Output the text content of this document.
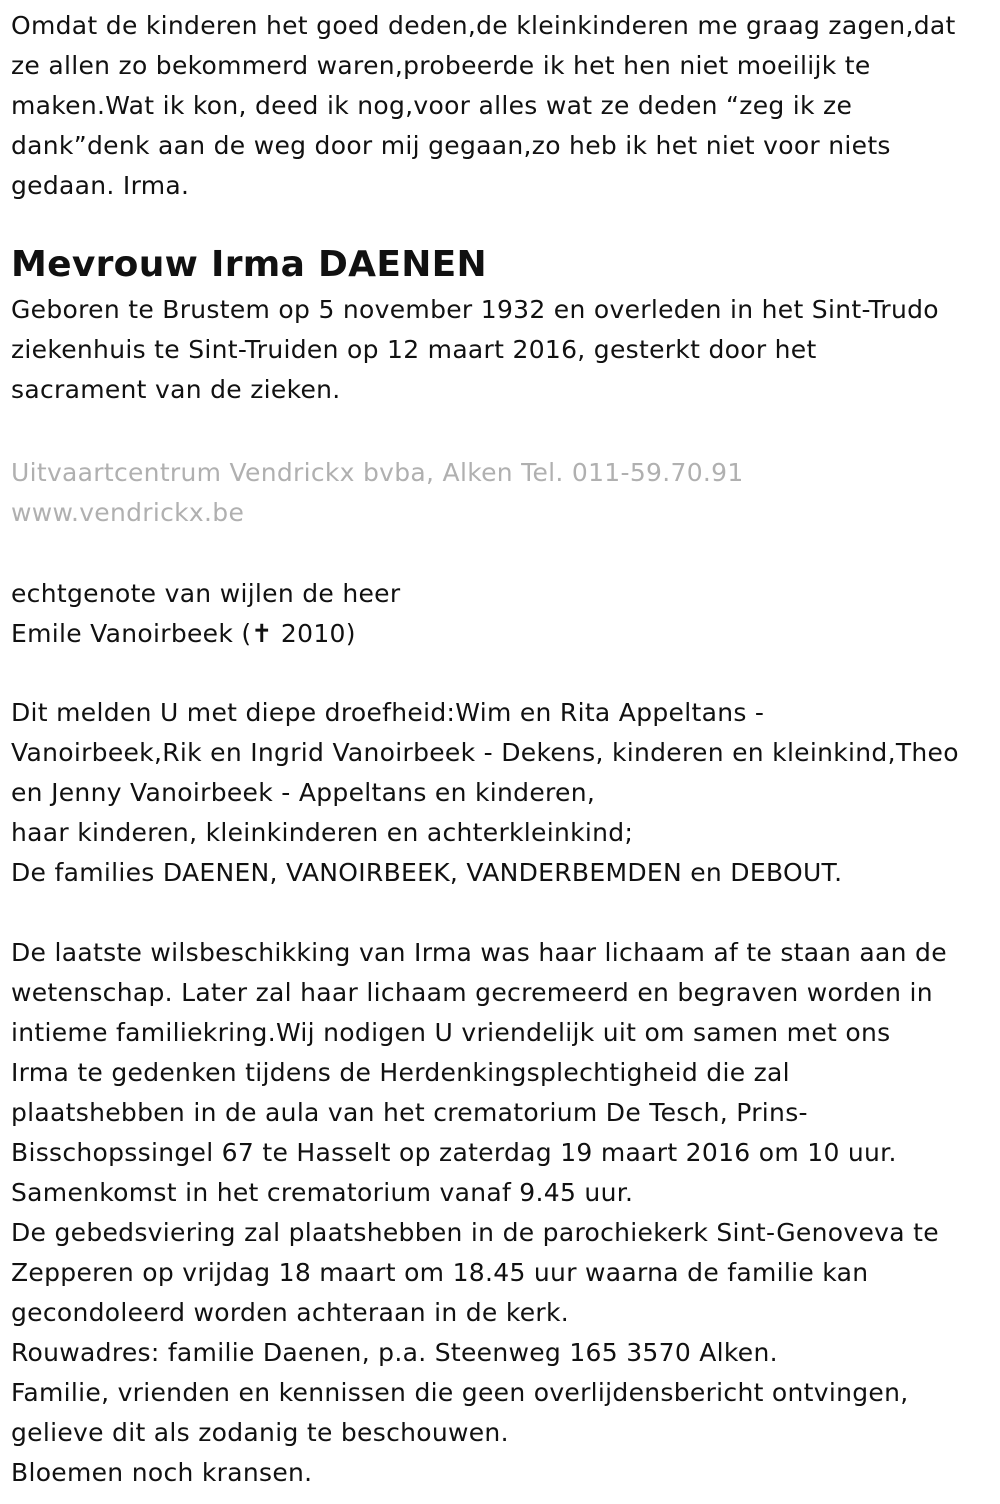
Omdat de kinderen het goed deden,de kleinkinderen me graag zagen,dat
ze allen zo bekommerd waren,probeerde ik het hen niet moeilijk te
maken.Wat ik kon, deed ik nog,voor alles wat ze deden “zeg ik ze
dank”denk aan de weg door mij gegaan,zo heb ik het niet voor niets
gedaan. Irma.
Mevrouw Irma DAENEN
Geboren te Brustem op 5 november 1932 en overleden in het Sint-Trudo
ziekenhuis te Sint-Truiden op 12 maart 2016, gesterkt door het
sacrament van de zieken.
Uitvaartcentrum Vendrickx bvba, Alken Tel. 011-59.70.91
www.vendrickx.be
echtgenote van wijlen de heer
Emile Vanoirbeek (✝ 2010)
Dit melden U met diepe droefheid:Wim en Rita Appeltans -
Vanoirbeek,Rik en Ingrid Vanoirbeek - Dekens, kinderen en kleinkind,Theo
en Jenny Vanoirbeek - Appeltans en kinderen,
haar kinderen, kleinkinderen en achterkleinkind;
De families DAENEN, VANOIRBEEK, VANDERBEMDEN en DEBOUT.
De laatste wilsbeschikking van Irma was haar lichaam af te staan aan de
wetenschap. Later zal haar lichaam gecremeerd en begraven worden in
intieme familiekring.Wij nodigen U vriendelijk uit om samen met ons
Irma te gedenken tijdens de Herdenkingsplechtigheid die zal
plaatshebben in de aula van het crematorium De Tesch, Prins-
Bisschopssingel 67 te Hasselt op zaterdag 19 maart 2016 om 10 uur.
Samenkomst in het crematorium vanaf 9.45 uur.
De gebedsviering zal plaatshebben in de parochiekerk Sint-Genoveva te
Zepperen op vrijdag 18 maart om 18.45 uur waarna de familie kan
gecondoleerd worden achteraan in de kerk.
Rouwadres: familie Daenen, p.a. Steenweg 165 3570 Alken.
Familie, vrienden en kennissen die geen overlijdensbericht ontvingen,
gelieve dit als zodanig te beschouwen.
Bloemen noch kransen.
